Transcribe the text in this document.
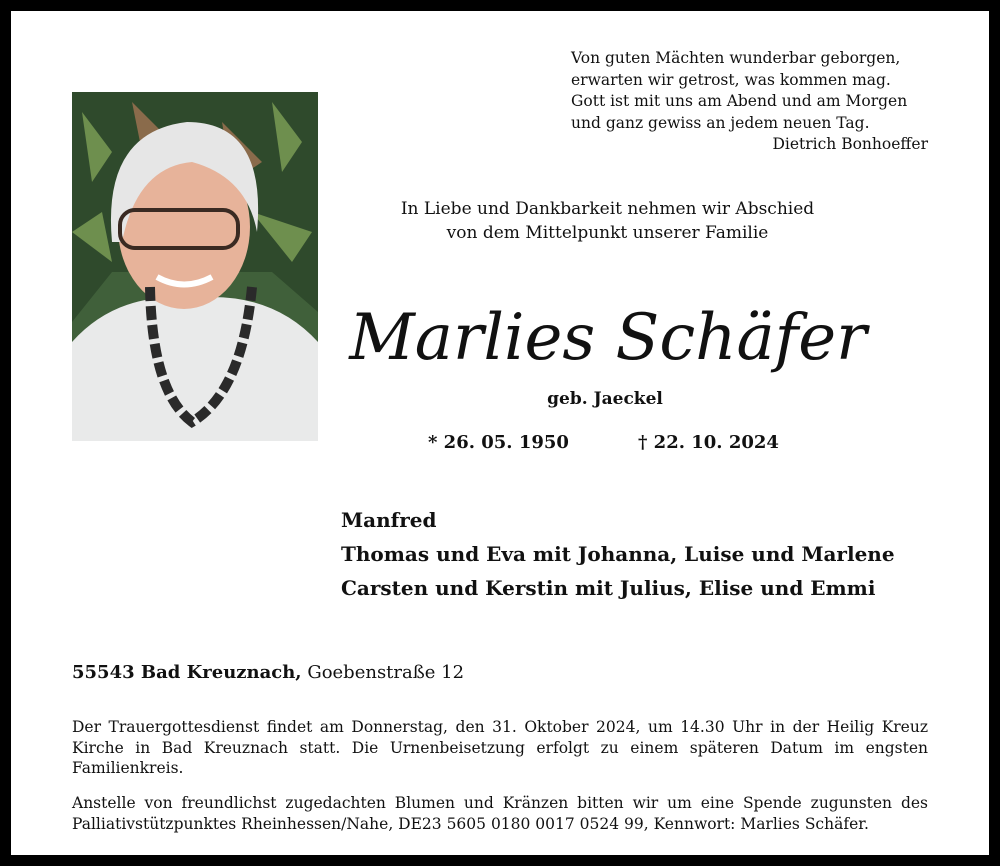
Von guten Mächten wunderbar geborgen,
erwarten wir getrost, was kommen mag.
Gott ist mit uns am Abend und am Morgen
und ganz gewiss an jedem neuen Tag.
Dietrich Bonhoeffer
In Liebe und Dankbarkeit nehmen wir Abschied
von dem Mittelpunkt unserer Familie
Marlies Schäfer
geb. Jaeckel
* 26. 05. 1950	† 22. 10. 2024
Manfred
Thomas und Eva mit Johanna, Luise und Marlene
Carsten und Kerstin mit Julius, Elise und Emmi
55543 Bad Kreuznach, Goebenstraße 12
Der Trauergottesdienst findet am Donnerstag, den 31. Oktober 2024, um 14.30 Uhr in der Heilig Kreuz Kirche in Bad Kreuznach statt. Die Urnenbeisetzung erfolgt zu einem späteren Datum im engsten Familienkreis.
Anstelle von freundlichst zugedachten Blumen und Kränzen bitten wir um eine Spende zugunsten des Palliativstützpunktes Rheinhessen/Nahe, DE23 5605 0180 0017 0524 99, Kennwort: Marlies Schäfer.
